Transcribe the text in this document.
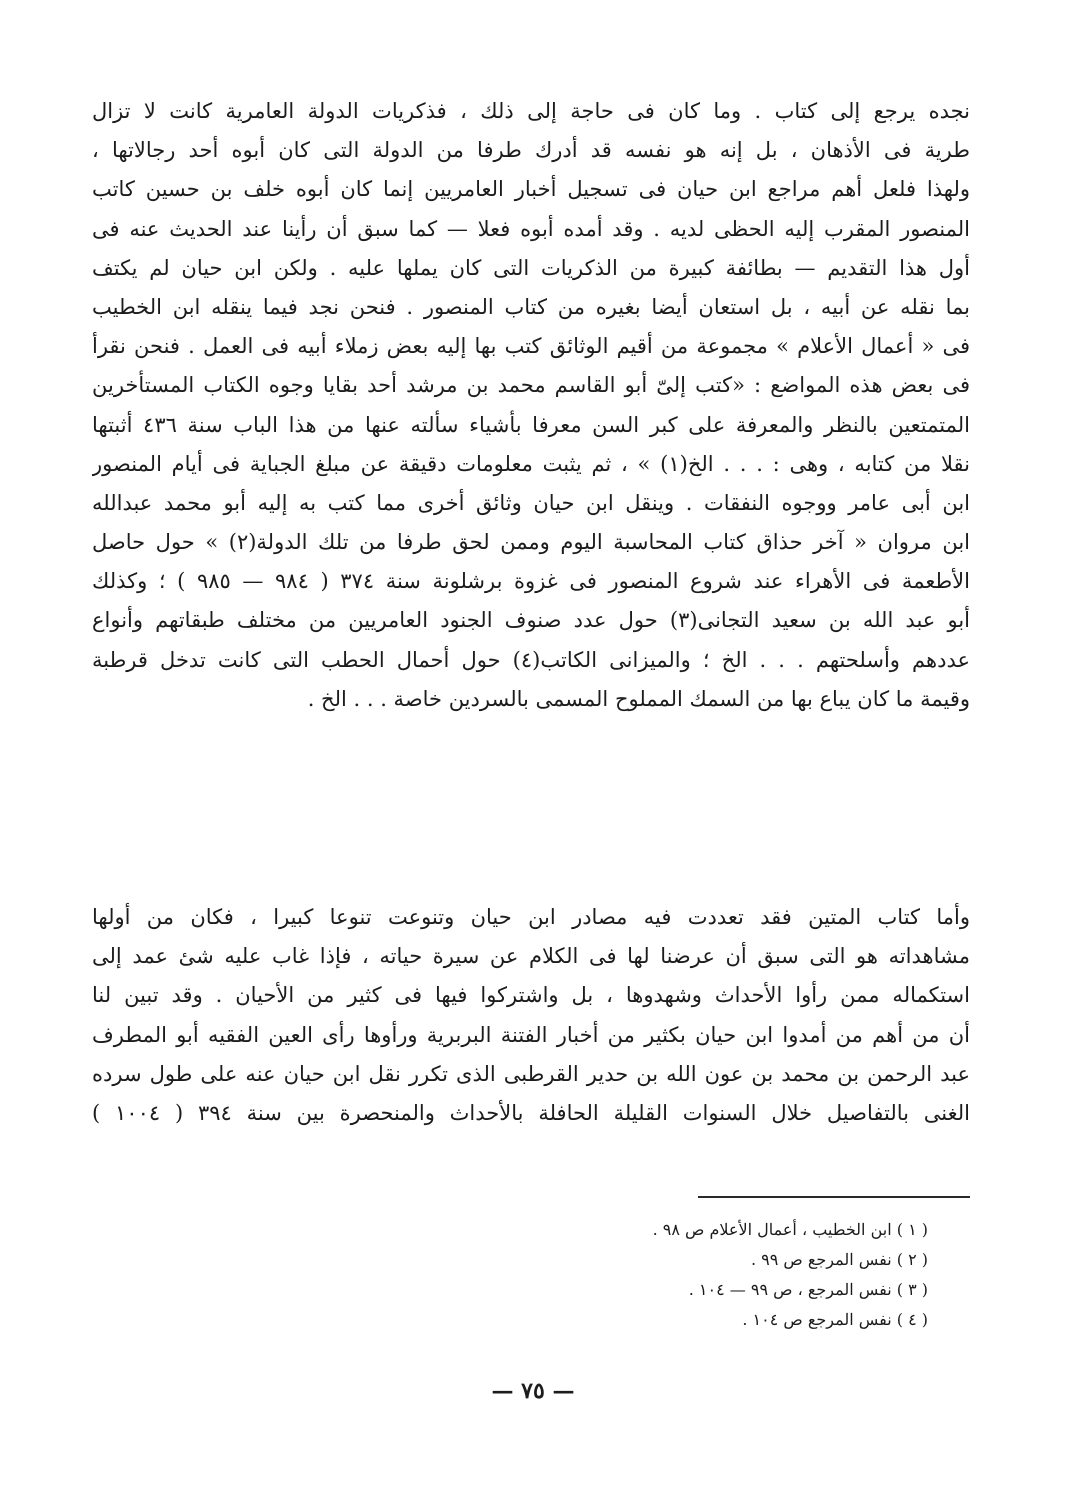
نجده يرجع إلى كتاب . وما كان فى حاجة إلى ذلك ، فذكريات الدولة العامرية كانت لا تزال
طرية فى الأذهان ، بل إنه هو نفسه قد أدرك طرفا من الدولة التى كان أبوه أحد رجالاتها ،
ولهذا فلعل أهم مراجع ابن حيان فى تسجيل أخبار العامريين إنما كان أبوه خلف بن حسين كاتب
المنصور المقرب إليه الحظى لديه . وقد أمده أبوه فعلا — كما سبق أن رأينا عند الحديث عنه فى
أول هذا التقديم — بطائفة كبيرة من الذكريات التى كان يملها عليه . ولكن ابن حيان لم يكتف
بما نقله عن أبيه ، بل استعان أيضا بغيره من كتاب المنصور . فنحن نجد فيما ينقله ابن الخطيب
فى « أعمال الأعلام » مجموعة من أقيم الوثائق كتب بها إليه بعض زملاء أبيه فى العمل . فنحن نقرأ
فى بعض هذه المواضع : «كتب إلىّ أبو القاسم محمد بن مرشد أحد بقايا وجوه الكتاب المستأخرين
المتمتعين بالنظر والمعرفة على كبر السن معرفا بأشياء سألته عنها من هذا الباب سنة ٤٣٦ أثبتها
نقلا من كتابه ، وهى : . . . الخ(١) » ، ثم يثبت معلومات دقيقة عن مبلغ الجباية فى أيام المنصور
ابن أبى عامر ووجوه النفقات . وينقل ابن حيان وثائق أخرى مما كتب به إليه أبو محمد عبدالله
ابن مروان « آخر حذاق كتاب المحاسبة اليوم وممن لحق طرفا من تلك الدولة(٢) » حول حاصل
الأطعمة فى الأهراء عند شروع المنصور فى غزوة برشلونة سنة ٣٧٤ ( ٩٨٤ — ٩٨٥ ) ؛ وكذلك
أبو عبد الله بن سعيد التجانى(٣) حول عدد صنوف الجنود العامريين من مختلف طبقاتهم وأنواع
عددهم وأسلحتهم . . . الخ ؛ والميزانى الكاتب(٤) حول أحمال الحطب التى كانت تدخل قرطبة
وقيمة ما كان يباع بها من السمك المملوح المسمى بالسردين خاصة . . . الخ .
وأما كتاب المتين فقد تعددت فيه مصادر ابن حيان وتنوعت تنوعا كبيرا ، فكان من أولها
مشاهداته هو التى سبق أن عرضنا لها فى الكلام عن سيرة حياته ، فإذا غاب عليه شئ عمد إلى
استكماله ممن رأوا الأحداث وشهدوها ، بل واشتركوا فيها فى كثير من الأحيان . وقد تبين لنا
أن من أهم من أمدوا ابن حيان بكثير من أخبار الفتنة البربرية ورأوها رأى العين الفقيه أبو المطرف
عبد الرحمن بن محمد بن عون الله بن حدير القرطبى الذى تكرر نقل ابن حيان عنه على طول سرده
الغنى بالتفاصيل خلال السنوات القليلة الحافلة بالأحداث والمنحصرة بين سنة ٣٩٤ ( ١٠٠٤ )
( ١ ) ابن الخطيب ، أعمال الأعلام ص ٩٨ .
( ٢ ) نفس المرجع ص ٩٩ .
( ٣ ) نفس المرجع ، ص ٩٩ — ١٠٤ .
( ٤ ) نفس المرجع ص ١٠٤ .
— ٧٥ —
